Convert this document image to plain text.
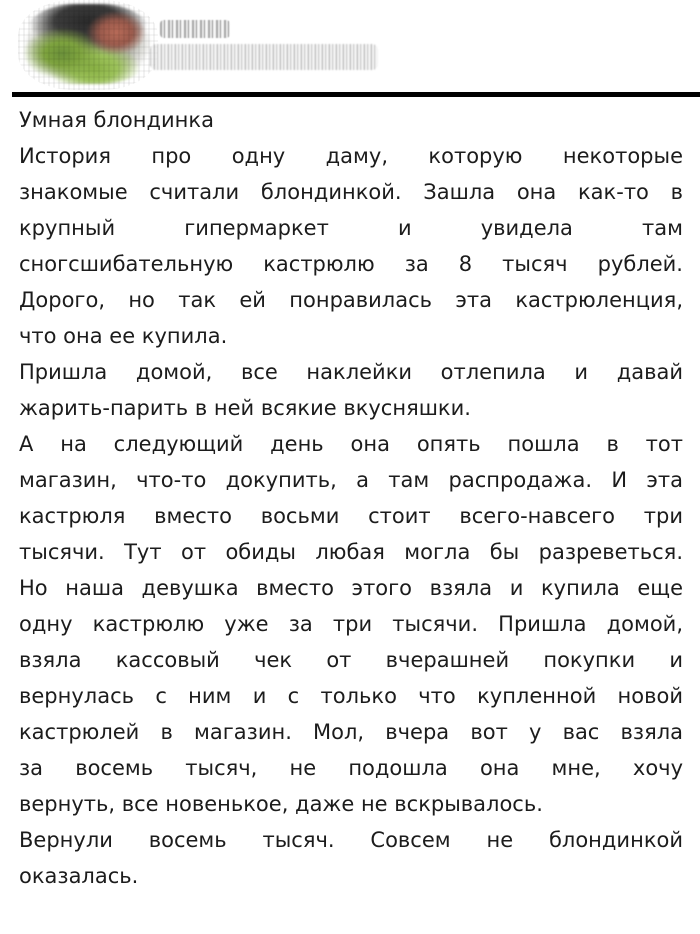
Умная блондинка
История про одну даму, которую некоторые
знакомые считали блондинкой. Зашла она как-то в
крупный гипермаркет и увидела там
сногсшибательную кастрюлю за 8 тысяч рублей.
Дорого, но так ей понравилась эта кастрюленция,
что она ее купила.
Пришла домой, все наклейки отлепила и давай
жарить-парить в ней всякие вкусняшки.
А на следующий день она опять пошла в тот
магазин, что-то докупить, а там распродажа. И эта
кастрюля вместо восьми стоит всего-навсего три
тысячи. Тут от обиды любая могла бы разреветься.
Но наша девушка вместо этого взяла и купила еще
одну кастрюлю уже за три тысячи. Пришла домой,
взяла кассовый чек от вчерашней покупки и
вернулась с ним и с только что купленной новой
кастрюлей в магазин. Мол, вчера вот у вас взяла
за восемь тысяч, не подошла она мне, хочу
вернуть, все новенькое, даже не вскрывалось.
Вернули восемь тысяч. Совсем не блондинкой
оказалась.
